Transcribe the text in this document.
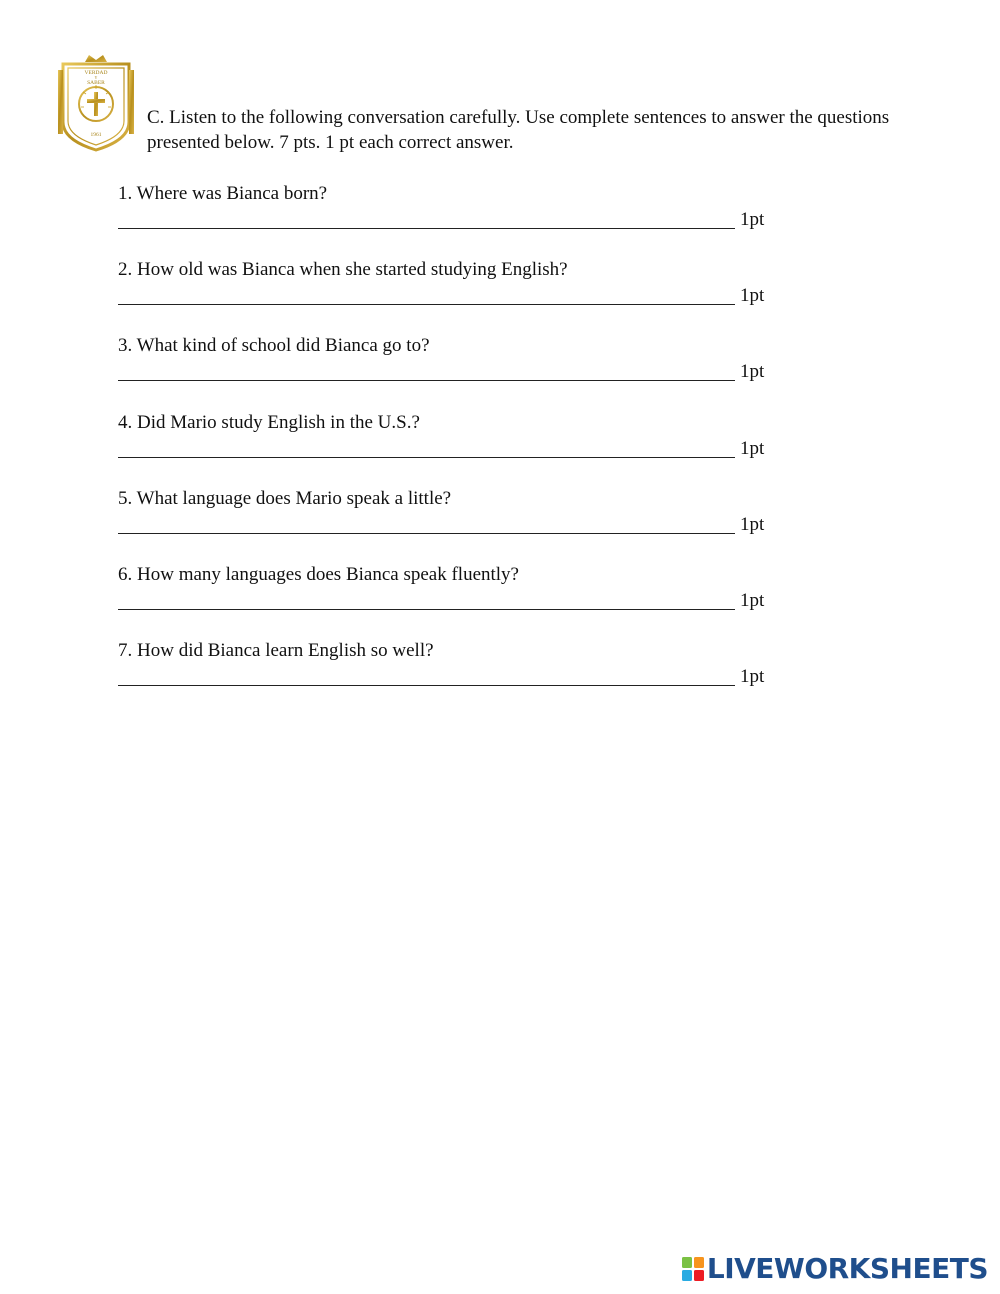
VERDAD
Y
SABER
1961

C. Listen to the following conversation carefully. Use complete sentences to answer the questions presented below. 7 pts. 1 pt each correct answer.

1. Where was Bianca born?
1pt
2. How old was Bianca when she started studying English?
1pt
3. What kind of school did Bianca go to?
1pt
4. Did Mario study English in the U.S.?
1pt
5. What language does Mario speak a little?
1pt
6. How many languages does Bianca speak fluently?
1pt
7. How did Bianca learn English so well?
1pt
LIVEWORKSHEETS
